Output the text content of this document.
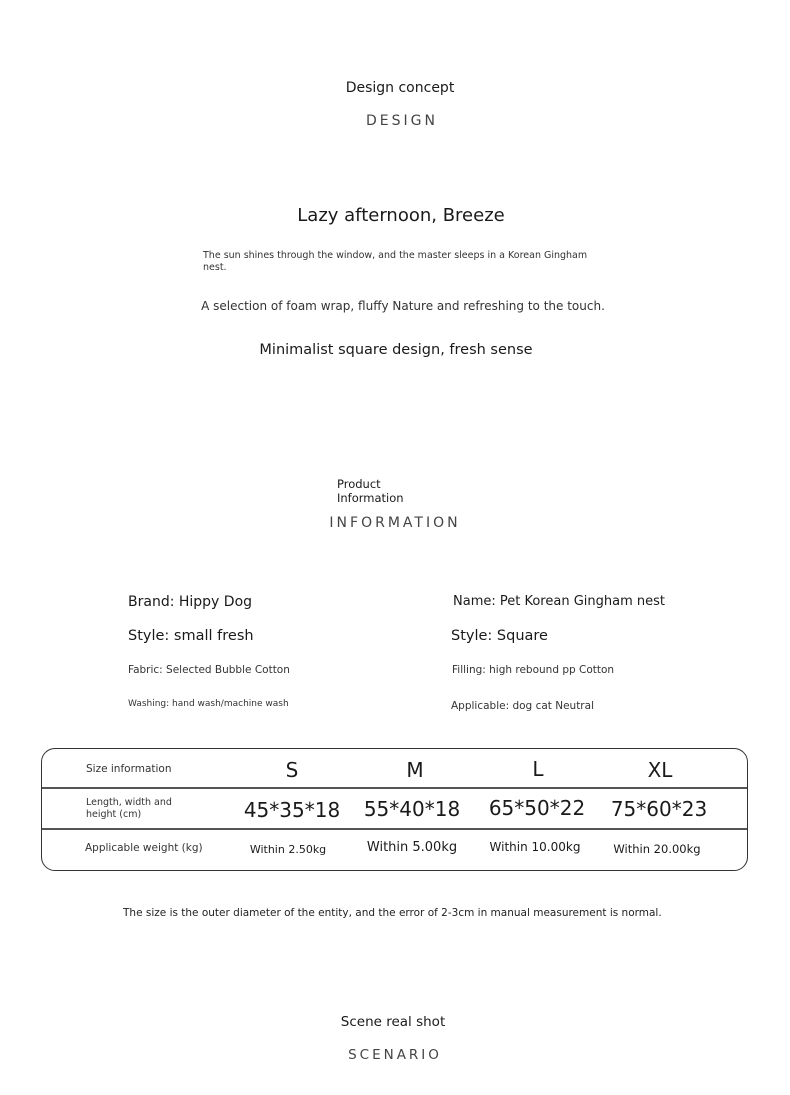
Design concept
DESIGN
Lazy afternoon, Breeze
The sun shines through the window, and the master sleeps in a Korean Gingham
nest.
A selection of foam wrap, fluffy Nature and refreshing to the touch.
Minimalist square design, fresh sense
Product
Information
INFORMATION
Brand: Hippy Dog	Name: Pet Korean Gingham nest
Style: small fresh	Style: Square
Fabric: Selected Bubble Cotton	Filling: high rebound pp Cotton
Washing: hand wash/machine wash	Applicable: dog cat Neutral
Size information	S	M	L	XL
Length, width and
height (cm)	45*35*18 55*40*18 65*50*22 75*60*23
Applicable weight (kg)	Within 2.50kg	Within 5.00kg	Within 10.00kg	Within 20.00kg
The size is the outer diameter of the entity, and the error of 2-3cm in manual measurement is normal.
Scene real shot
SCENARIO
